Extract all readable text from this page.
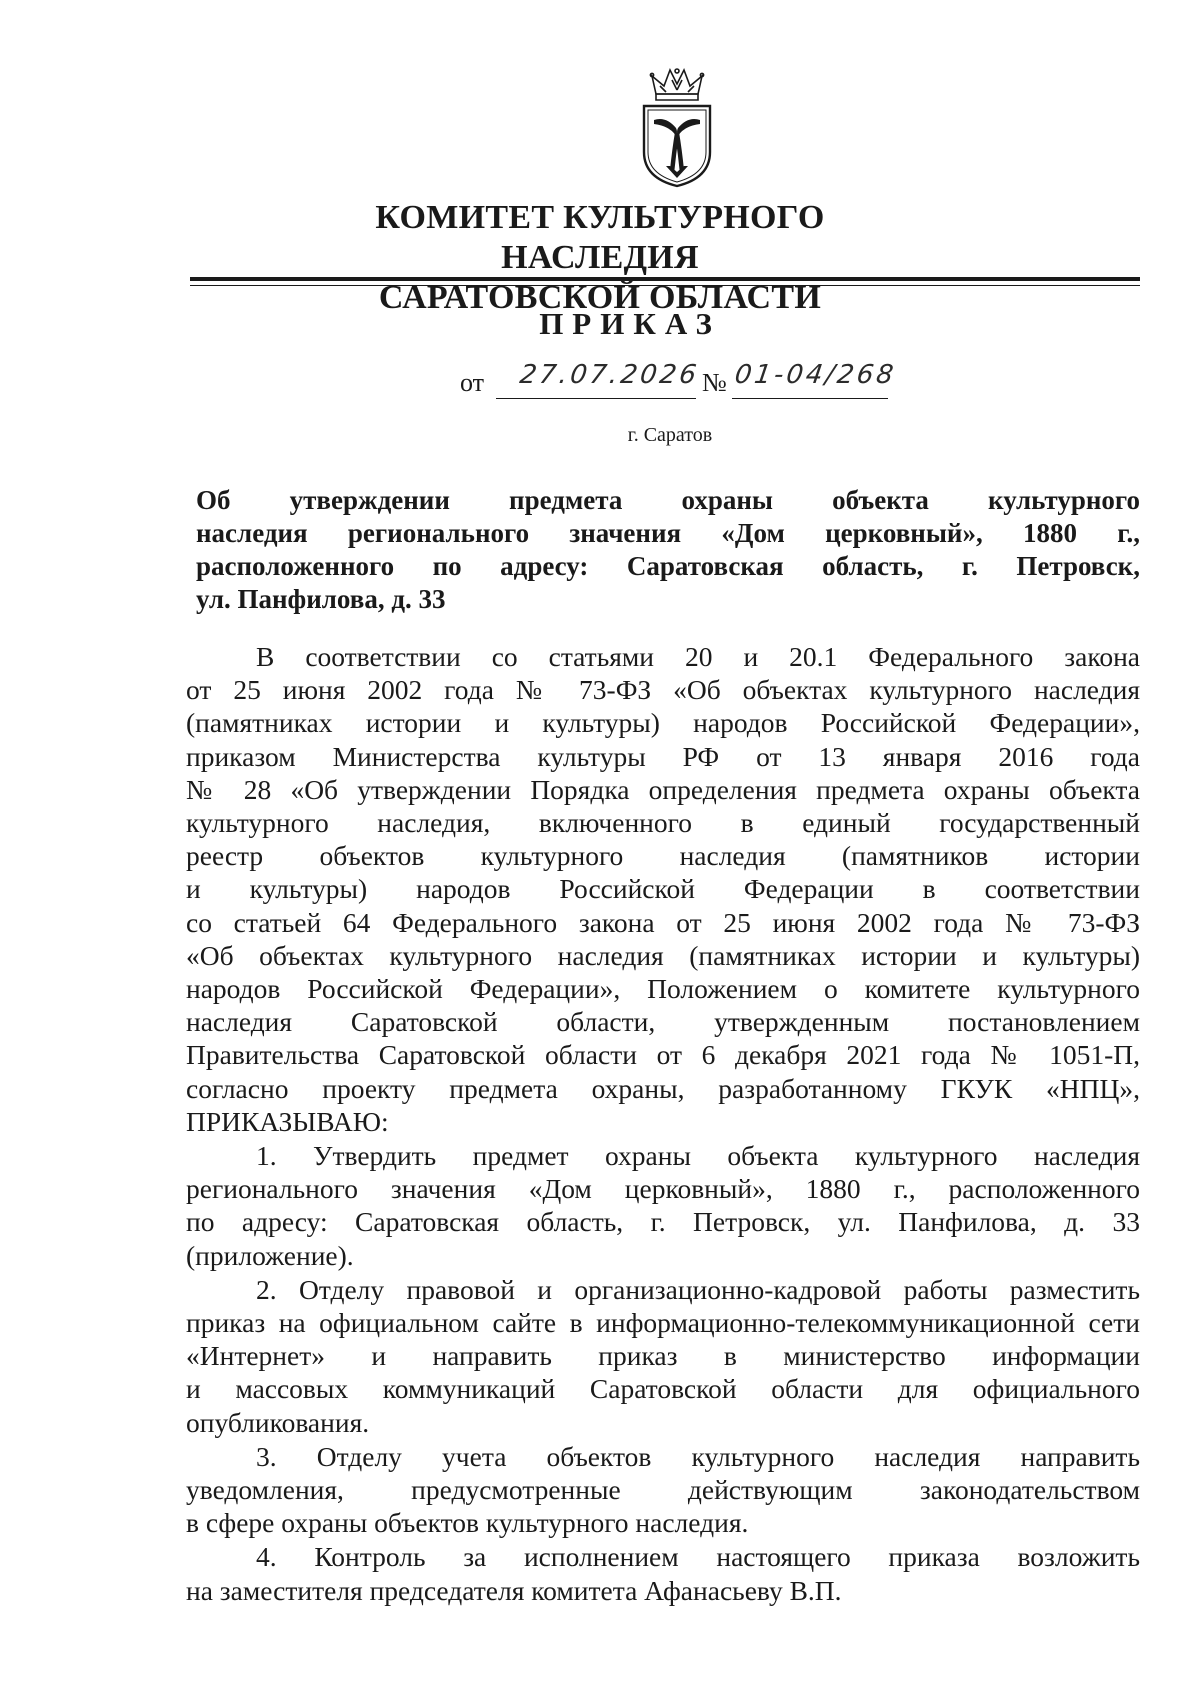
КОМИТЕТ КУЛЬТУРНОГО НАСЛЕДИЯ
САРАТОВСКОЙ ОБЛАСТИ
ПРИКАЗ
от 27.07.2026 № 01-04/268
г. Саратов
Об утверждении предмета охраны объекта культурного
наследия регионального значения «Дом церковный», 1880 г.,
расположенного по адресу: Саратовская область, г. Петровск,
ул. Панфилова, д. 33

В соответствии со статьями 20 и 20.1 Федерального закона
от 25 июня 2002 года № 73-ФЗ «Об объектах культурного наследия
(памятниках истории и культуры) народов Российской Федерации»,
приказом Министерства культуры РФ от 13 января 2016 года
№ 28 «Об утверждении Порядка определения предмета охраны объекта
культурного наследия, включенного в единый государственный
реестр объектов культурного наследия (памятников истории
и культуры) народов Российской Федерации в соответствии
со статьей 64 Федерального закона от 25 июня 2002 года № 73-ФЗ
«Об объектах культурного наследия (памятниках истории и культуры)
народов Российской Федерации», Положением о комитете культурного
наследия Саратовской области, утвержденным постановлением
Правительства Саратовской области от 6 декабря 2021 года № 1051-П,
согласно проекту предмета охраны, разработанному ГКУК «НПЦ»,
ПРИКАЗЫВАЮ:

1. Утвердить предмет охраны объекта культурного наследия
регионального значения «Дом церковный», 1880 г., расположенного
по адресу: Саратовская область, г. Петровск, ул. Панфилова, д. 33
(приложение).

2. Отделу правовой и организационно-кадровой работы разместить
приказ на официальном сайте в информационно-телекоммуникационной сети
«Интернет» и направить приказ в министерство информации
и массовых коммуникаций Саратовской области для официального
опубликования.

3. Отделу учета объектов культурного наследия направить
уведомления, предусмотренные действующим законодательством
в сфере охраны объектов культурного наследия.

4. Контроль за исполнением настоящего приказа возложить
на заместителя председателя комитета Афанасьеву В.П.
